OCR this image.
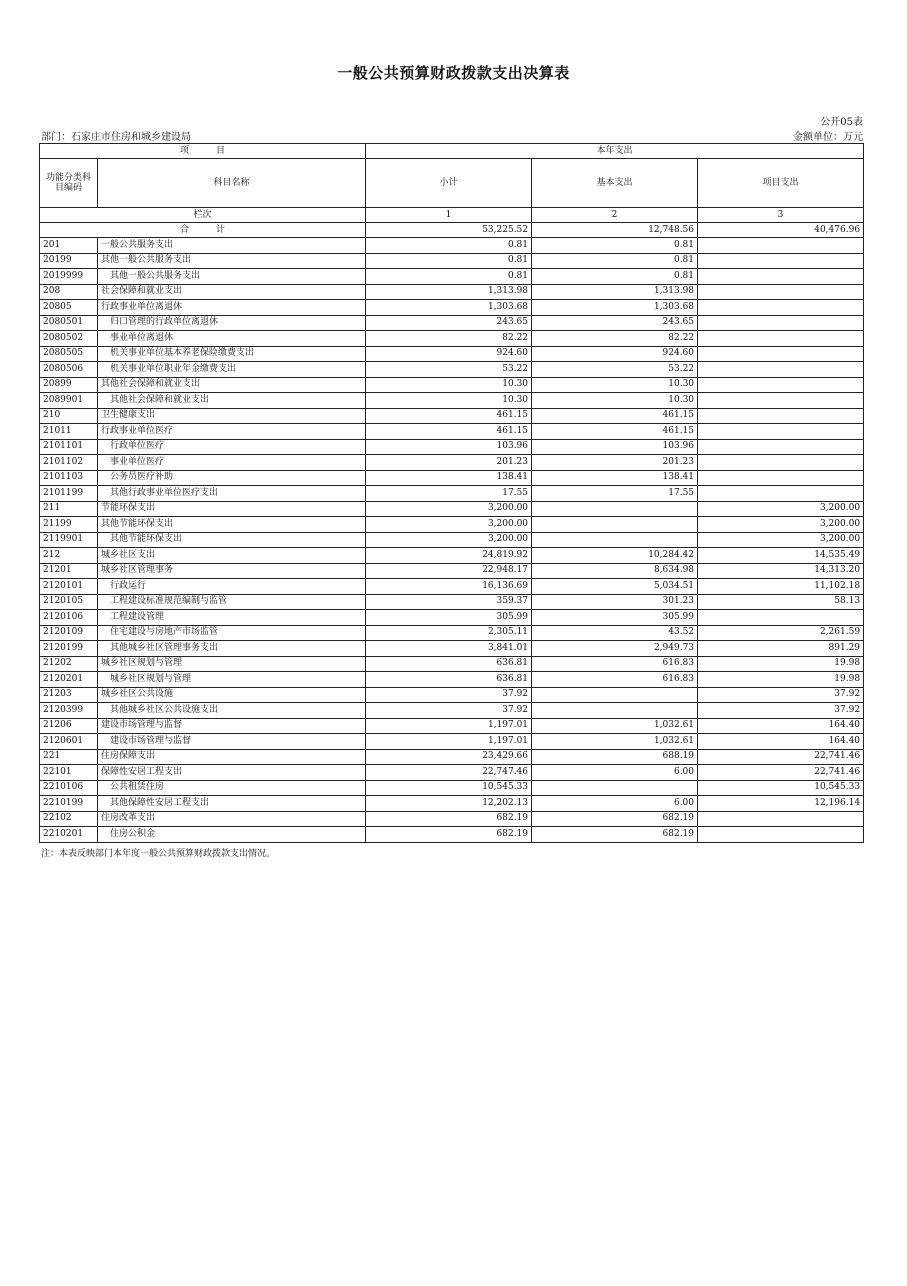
一般公共预算财政拨款支出决算表
公开05表
部门：石家庄市住房和城乡建设局	金额单位：万元
项　　　目		本年支出		
功能分类科目编码	科目名称	小计	基本支出	项目支出
栏次		1	2	3
合　　　计		53,225.52	12,748.56	40,476.96
201	一般公共服务支出	0.81	0.81	
20199	其他一般公共服务支出	0.81	0.81	
2019999	其他一般公共服务支出	0.81	0.81	
208	社会保障和就业支出	1,313.98	1,313.98	
20805	行政事业单位离退休	1,303.68	1,303.68	
2080501	归口管理的行政单位离退休	243.65	243.65	
2080502	事业单位离退休	82.22	82.22	
2080505	机关事业单位基本养老保险缴费支出	924.60	924.60	
2080506	机关事业单位职业年金缴费支出	53.22	53.22	
20899	其他社会保障和就业支出	10.30	10.30	
2089901	其他社会保障和就业支出	10.30	10.30	
210	卫生健康支出	461.15	461.15	
21011	行政事业单位医疗	461.15	461.15	
2101101	行政单位医疗	103.96	103.96	
2101102	事业单位医疗	201.23	201.23	
2101103	公务员医疗补助	138.41	138.41	
2101199	其他行政事业单位医疗支出	17.55	17.55	
211	节能环保支出	3,200.00		3,200.00
21199	其他节能环保支出	3,200.00		3,200.00
2119901	其他节能环保支出	3,200.00		3,200.00
212	城乡社区支出	24,819.92	10,284.42	14,535.49
21201	城乡社区管理事务	22,948.17	8,634.98	14,313.20
2120101	行政运行	16,136.69	5,034.51	11,102.18
2120105	工程建设标准规范编制与监管	359.37	301.23	58.13
2120106	工程建设管理	305.99	305.99	
2120109	住宅建设与房地产市场监管	2,305.11	43.52	2,261.59
2120199	其他城乡社区管理事务支出	3,841.01	2,949.73	891.29
21202	城乡社区规划与管理	636.81	616.83	19.98
2120201	城乡社区规划与管理	636.81	616.83	19.98
21203	城乡社区公共设施	37.92		37.92
2120399	其他城乡社区公共设施支出	37.92		37.92
21206	建设市场管理与监督	1,197.01	1,032.61	164.40
2120601	建设市场管理与监督	1,197.01	1,032.61	164.40
221	住房保障支出	23,429.66	688.19	22,741.46
22101	保障性安居工程支出	22,747.46	6.00	22,741.46
2210106	公共租赁住房	10,545.33		10,545.33
2210199	其他保障性安居工程支出	12,202.13	6.00	12,196.14
22102	住房改革支出	682.19	682.19	
2210201	住房公积金	682.19	682.19	
注：本表反映部门本年度一般公共预算财政拨款支出情况。
